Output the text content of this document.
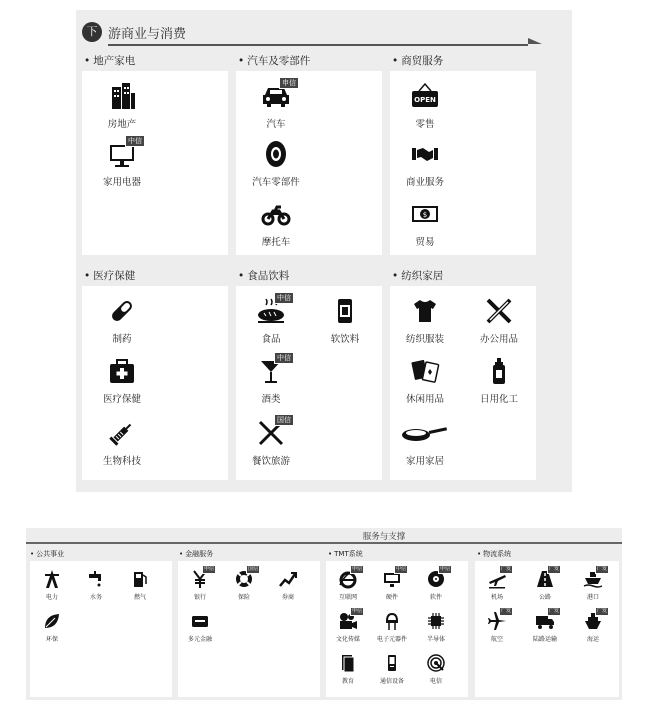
下 游商业与消费
• 地产家电
房地产
中信
家用电器
• 汽车及零部件
申信
汽车
汽车零部件
摩托车
• 商贸服务
OPEN
零售
商业服务
$
贸易
• 医疗保健
制药
医疗保健
生物科技
• 食品饮料
中信
食品	软饮料
中信
酒类
国信
餐饮旅游
• 纺织家居
纺织服装	办公用品
休闲用品	日用化工
家用家居
服务与支撑
• 公共事业
电力	水务	燃气
环保
• 金融服务
申信
银行
国信
保险	券商
多元金融
• TMT系统
申信
互联网
中信
硬件
申信
软件
申信
文化传媒	电子元器件	半导体
教育	通信设备	电信
• 物流系统
广发
机场
广发
公路
广发
港口
广发
航空
广发
陆路运输
广发
海运
